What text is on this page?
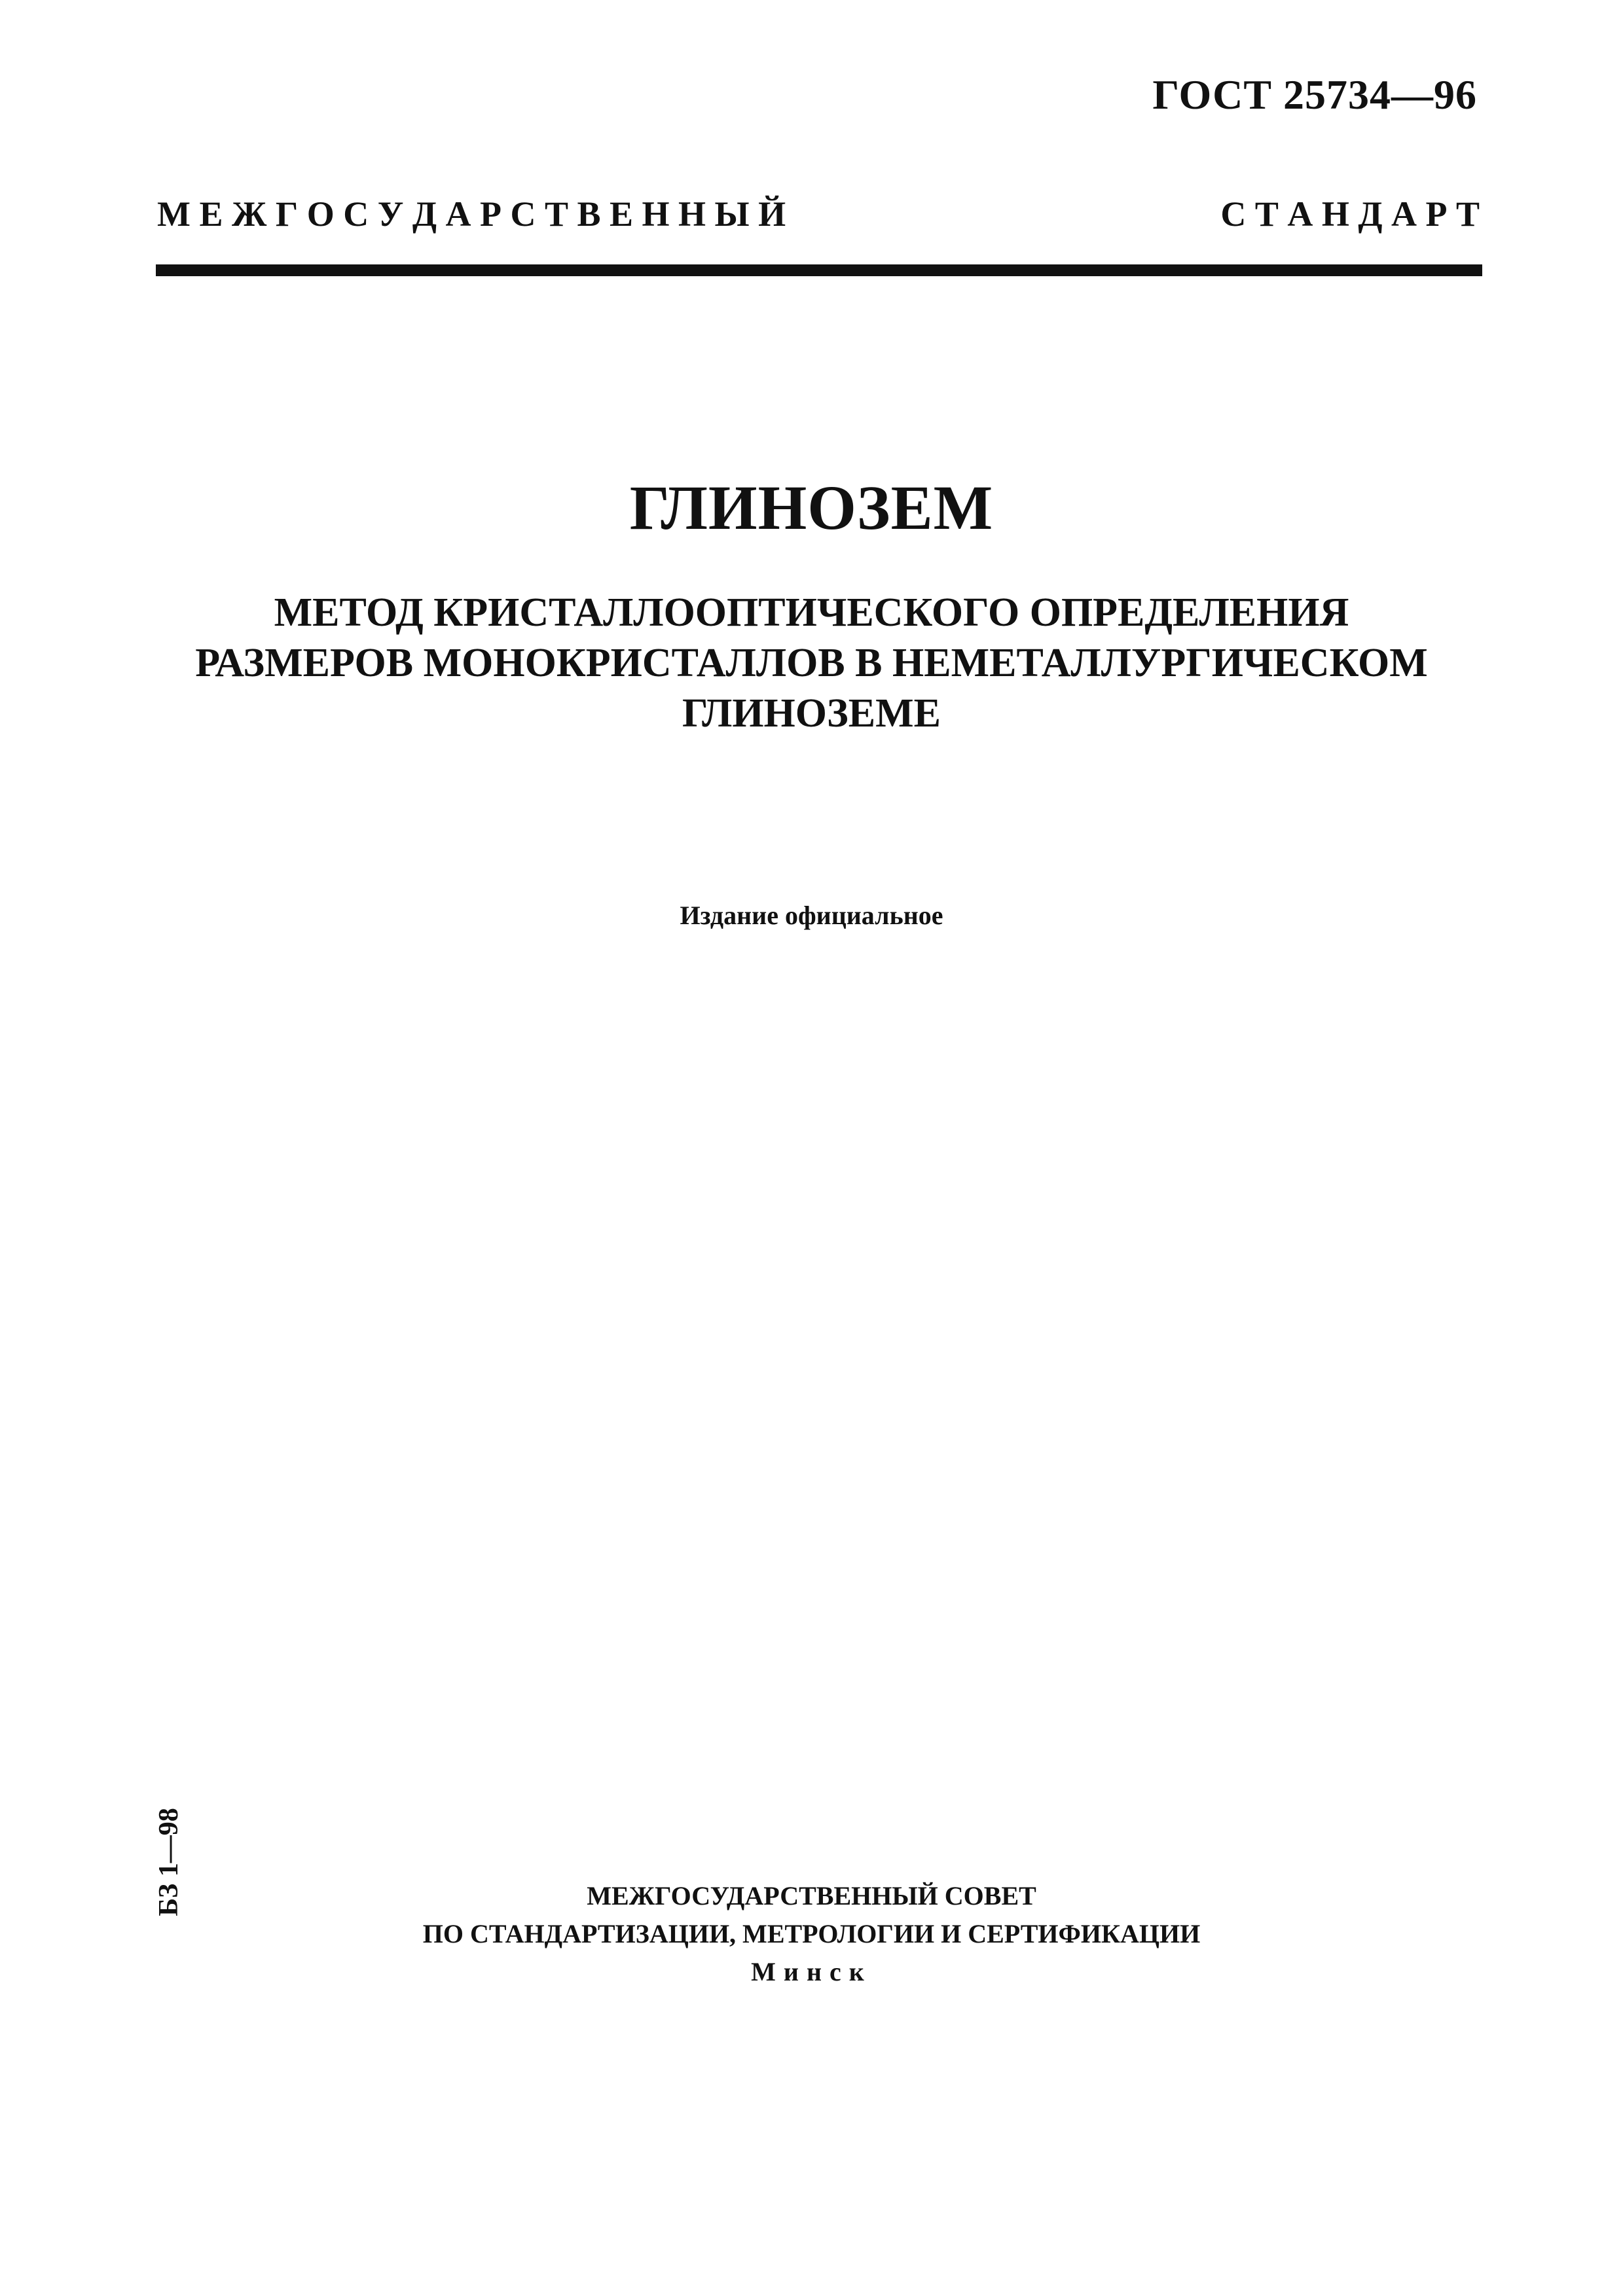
ГОСТ 25734—96
М Е Ж Г О С У Д А Р С Т В Е Н Н Ы Й	С Т А Н Д А Р Т
ГЛИНОЗЕМ
МЕТОД КРИСТАЛЛООПТИЧЕСКОГО ОПРЕДЕЛЕНИЯ
РАЗМЕРОВ МОНОКРИСТАЛЛОВ В НЕМЕТАЛЛУРГИЧЕСКОМ
ГЛИНОЗЕМЕ
Издание официальное
БЗ 1—98	МЕЖГОСУДАРСТВЕННЫЙ СОВЕТ
ПО СТАНДАРТИЗАЦИИ, МЕТРОЛОГИИ И СЕРТИФИКАЦИИ
Минск
